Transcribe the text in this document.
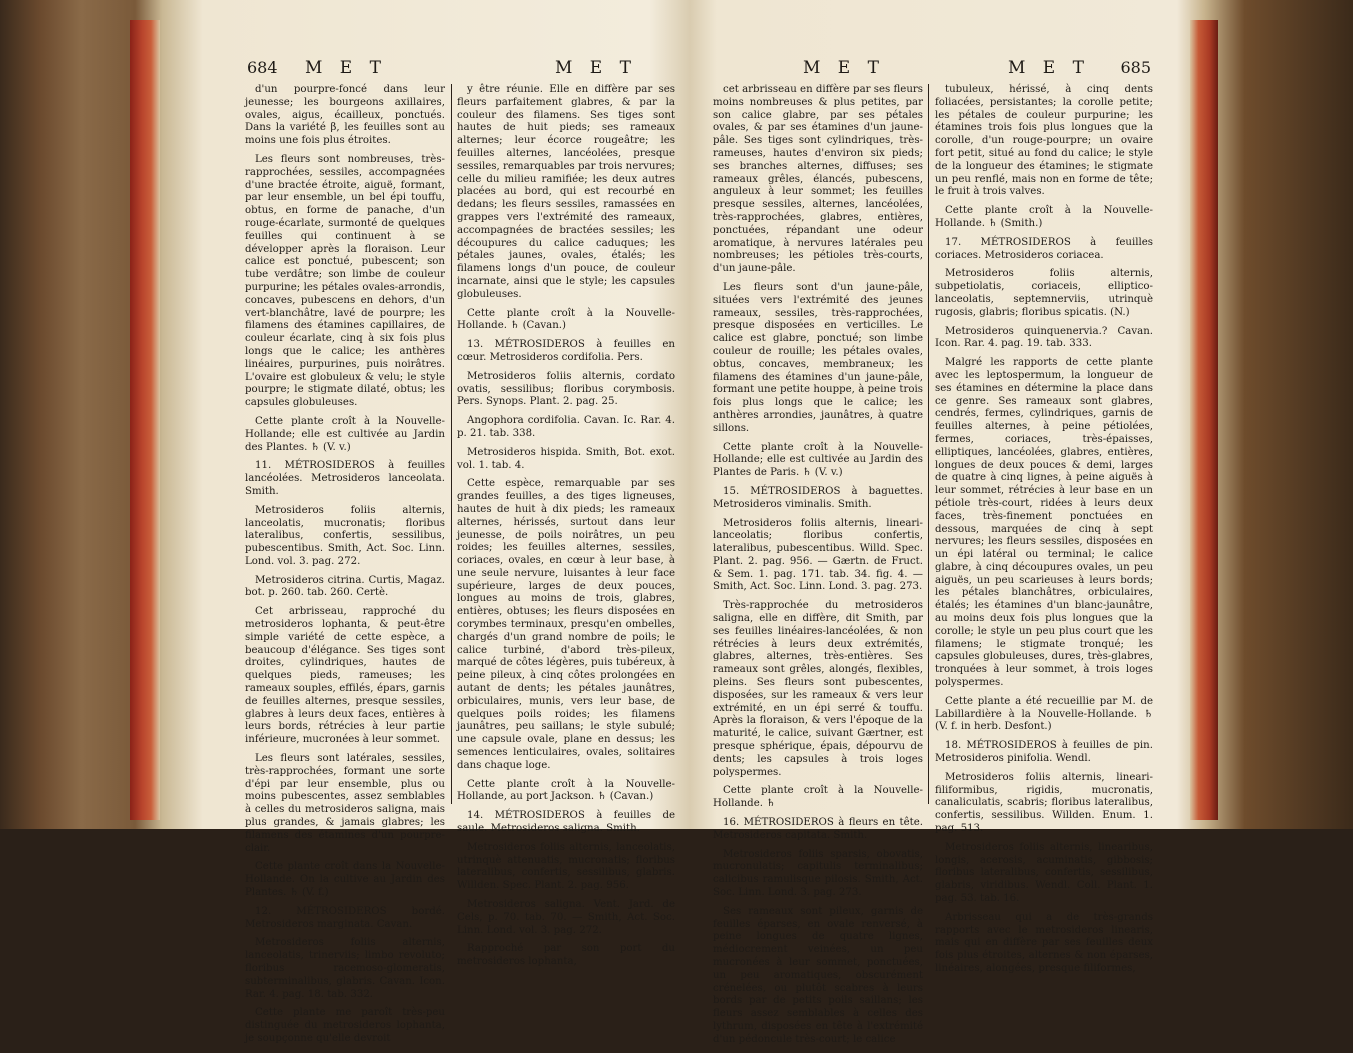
684 M E T	M E T

d'un pourpre-foncé dans leur jeunesse; les bourgeons axillaires, ovales, aigus, écailleux, ponctués. Dans la variété β, les feuilles sont au moins une fois plus étroites.

Les fleurs sont nombreuses, très-rapprochées, sessiles, accompagnées d'une bractée étroite, aiguë, formant, par leur ensemble, un bel épi touffu, obtus, en forme de panache, d'un rouge-écarlate, surmonté de quelques feuilles qui continuent à se développer après la floraison. Leur calice est ponctué, pubescent; son tube verdâtre; son limbe de couleur purpurine; les pétales ovales-arrondis, concaves, pubescens en dehors, d'un vert-blanchâtre, lavé de pourpre; les filamens des étamines capillaires, de couleur écarlate, cinq à six fois plus longs que le calice; les anthères linéaires, purpurines, puis noirâtres. L'ovaire est globuleux & velu; le style pourpre; le stigmate dilaté, obtus; les capsules globuleuses.

Cette plante croît à la Nouvelle-Hollande; elle est cultivée au Jardin des Plantes. ♄ (V. v.)

11. MÉTROSIDEROS à feuilles lancéolées. Metrosideros lanceolata. Smith.

Metrosideros foliis alternis, lanceolatis, mucronatis; floribus lateralibus, confertis, sessilibus, pubescentibus. Smith, Act. Soc. Linn. Lond. vol. 3. pag. 272.

Metrosideros citrina. Curtis, Magaz. bot. p. 260. tab. 260. Certè.

Cet arbrisseau, rapproché du metrosideros lophanta, & peut-être simple variété de cette espèce, a beaucoup d'élégance. Ses tiges sont droites, cylindriques, hautes de quelques pieds, rameuses; les rameaux souples, effilés, épars, garnis de feuilles alternes, presque sessiles, glabres à leurs deux faces, entières à leurs bords, rétrécies à leur partie inférieure, mucronées à leur sommet.

Les fleurs sont latérales, sessiles, très-rapprochées, formant une sorte d'épi par leur ensemble, plus ou moins pubescentes, assez semblables à celles du metrosideros saligna, mais plus grandes, & jamais glabres; les filamens des étamines d'un pourpre-clair.

Cette plante croît dans la Nouvelle-Hollande. On la cultive au Jardin des Plantes. ♄ (V. f.)

12. MÉTROSIDEROS bordé. Metrosideros marginata. Cavan.

Metrosideros foliis alternis, lanceolatis, trinerviis; limbo revoluto; floribus racemoso-glomeratis, subterminalibus, glabris. Cavan. Icon. Rar. 4. pag. 18. tab. 332.

Cette plante me paroît très-peu distinguée du metrosideros lophanta, je soupçonne qu'elle devroit

y être réunie. Elle en diffère par ses fleurs parfaitement glabres, & par la couleur des filamens. Ses tiges sont hautes de huit pieds; ses rameaux alternes; leur écorce rougeâtre; les feuilles alternes, lancéolées, presque sessiles, remarquables par trois nervures; celle du milieu ramifiée; les deux autres placées au bord, qui est recourbé en dedans; les fleurs sessiles, ramassées en grappes vers l'extrémité des rameaux, accompagnées de bractées sessiles; les découpures du calice caduques; les pétales jaunes, ovales, étalés; les filamens longs d'un pouce, de couleur incarnate, ainsi que le style; les capsules globuleuses.

Cette plante croît à la Nouvelle-Hollande. ♄ (Cavan.)

13. MÉTROSIDEROS à feuilles en cœur. Metrosideros cordifolia. Pers.

Metrosideros foliis alternis, cordato ovatis, sessilibus; floribus corymbosis. Pers. Synops. Plant. 2. pag. 25.

Angophora cordifolia. Cavan. Ic. Rar. 4. p. 21. tab. 338.

Metrosideros hispida. Smith, Bot. exot. vol. 1. tab. 4.

Cette espèce, remarquable par ses grandes feuilles, a des tiges ligneuses, hautes de huit à dix pieds; les rameaux alternes, hérissés, surtout dans leur jeunesse, de poils noirâtres, un peu roides; les feuilles alternes, sessiles, coriaces, ovales, en cœur à leur base, à une seule nervure, luisantes à leur face supérieure, larges de deux pouces, longues au moins de trois, glabres, entières, obtuses; les fleurs disposées en corymbes terminaux, presqu'en ombelles, chargés d'un grand nombre de poils; le calice turbiné, d'abord très-pileux, marqué de côtes légères, puis tubéreux, à peine pileux, à cinq côtes prolongées en autant de dents; les pétales jaunâtres, orbiculaires, munis, vers leur base, de quelques poils roides; les filamens jaunâtres, peu saillans; le style subulé; une capsule ovale, plane en dessus; les semences lenticulaires, ovales, solitaires dans chaque loge.

Cette plante croît à la Nouvelle-Hollande, au port Jackson. ♄ (Cavan.)

14. MÉTROSIDEROS à feuilles de saule. Metrosideros saligna. Smith.

Metrosideros foliis alternis, lanceolatis, utrinquè attenuatis, mucronatis; floribus lateralibus, confertis, sessilibus, glabris. Willden. Spec. Plant. 2. pag. 956.

Metrosideros saligna. Vent. Jard. de Cels, p. 70. tab. 70. — Smith, Act. Soc. Linn. Lond. vol. 3. pag. 272.

Rapproché par son port du metrosideros lophanta,

M E T	M E T 685

cet arbrisseau en diffère par ses fleurs moins nombreuses & plus petites, par son calice glabre, par ses pétales ovales, & par ses étamines d'un jaune-pâle. Ses tiges sont cylindriques, très-rameuses, hautes d'environ six pieds; ses branches alternes, diffuses; ses rameaux grêles, élancés, pubescens, anguleux à leur sommet; les feuilles presque sessiles, alternes, lancéolées, très-rapprochées, glabres, entières, ponctuées, répandant une odeur aromatique, à nervures latérales peu nombreuses; les pétioles très-courts, d'un jaune-pâle.

Les fleurs sont d'un jaune-pâle, situées vers l'extrémité des jeunes rameaux, sessiles, très-rapprochées, presque disposées en verticilles. Le calice est glabre, ponctué; son limbe couleur de rouille; les pétales ovales, obtus, concaves, membraneux; les filamens des étamines d'un jaune-pâle, formant une petite houppe, à peine trois fois plus longs que le calice; les anthères arrondies, jaunâtres, à quatre sillons.

Cette plante croît à la Nouvelle-Hollande; elle est cultivée au Jardin des Plantes de Paris. ♄ (V. v.)

15. MÉTROSIDEROS à baguettes. Metrosideros viminalis. Smith.

Metrosideros foliis alternis, lineari-lanceolatis; floribus confertis, lateralibus, pubescentibus. Willd. Spec. Plant. 2. pag. 956. — Gærtn. de Fruct. & Sem. 1. pag. 171. tab. 34. fig. 4. — Smith, Act. Soc. Linn. Lond. 3. pag. 273.

Très-rapprochée du metrosideros saligna, elle en diffère, dit Smith, par ses feuilles linéaires-lancéolées, & non rétrécies à leurs deux extrémités, glabres, alternes, très-entières. Ses rameaux sont grêles, alongés, flexibles, pleins. Ses fleurs sont pubescentes, disposées, sur les rameaux & vers leur extrémité, en un épi serré & touffu. Après la floraison, & vers l'époque de la maturité, le calice, suivant Gærtner, est presque sphérique, épais, dépourvu de dents; les capsules à trois loges polyspermes.

Cette plante croît à la Nouvelle-Hollande. ♄

16. MÉTROSIDEROS à fleurs en tête. Metrosideros capitata. Smith.

Metrosideros foliis sparsis, obovatis, mucronulatis; capitulis terminalibus; calicibus ramulisque pilosis. Smith, Act. Soc. Linn. Lond. 3. pag. 273.

Ses rameaux sont pileux, garnis de feuilles éparses, en ovale renversé, à peine longues de quatre lignes, médiocrement veinées, un peu mucronées à leur sommet, ponctuées, un peu aromatiques, obscurément crénelées, ou plutôt scabres à leurs bords par de petits poils saillans; les fleurs assez semblables à celles des lythrum, disposées en tête à l'extrémité d'un pédoncule très-court; le calice

tubuleux, hérissé, à cinq dents foliacées, persistantes; la corolle petite; les pétales de couleur purpurine; les étamines trois fois plus longues que la corolle, d'un rouge-pourpre; un ovaire fort petit, situé au fond du calice; le style de la longueur des étamines; le stigmate un peu renflé, mais non en forme de tête; le fruit à trois valves.

Cette plante croît à la Nouvelle-Hollande. ♄ (Smith.)

17. MÉTROSIDEROS à feuilles coriaces. Metrosideros coriacea.

Metrosideros foliis alternis, subpetiolatis, coriaceis, elliptico-lanceolatis, septemnerviis, utrinquè rugosis, glabris; floribus spicatis. (N.)

Metrosideros quinquenervia.? Cavan. Icon. Rar. 4. pag. 19. tab. 333.

Malgré les rapports de cette plante avec les leptospermum, la longueur de ses étamines en détermine la place dans ce genre. Ses rameaux sont glabres, cendrés, fermes, cylindriques, garnis de feuilles alternes, à peine pétiolées, fermes, coriaces, très-épaisses, elliptiques, lancéolées, glabres, entières, longues de deux pouces & demi, larges de quatre à cinq lignes, à peine aiguës à leur sommet, rétrécies à leur base en un pétiole très-court, ridées à leurs deux faces, très-finement ponctuées en dessous, marquées de cinq à sept nervures; les fleurs sessiles, disposées en un épi latéral ou terminal; le calice glabre, à cinq découpures ovales, un peu aiguës, un peu scarieuses à leurs bords; les pétales blanchâtres, orbiculaires, étalés; les étamines d'un blanc-jaunâtre, au moins deux fois plus longues que la corolle; le style un peu plus court que les filamens; le stigmate tronqué; les capsules globuleuses, dures, très-glabres, tronquées à leur sommet, à trois loges polyspermes.

Cette plante a été recueillie par M. de Labillardière à la Nouvelle-Hollande. ♄ (V. f. in herb. Desfont.)

18. MÉTROSIDEROS à feuilles de pin. Metrosideros pinifolia. Wendl.

Metrosideros foliis alternis, lineari-filiformibus, rigidis, mucronatis, canaliculatis, scabris; floribus lateralibus, confertis, sessilibus. Willden. Enum. 1. pag. 513.

Metrosideros foliis alternis, linearibus, longis, acerosis, acuminatis, gibbosis; floribus lateralibus, confertis, sessilibus, glabris, viridibus. Wendl. Coll. Plant. 1. pag. 53. tab. 16.

Arbrisseau qui a de très-grands rapports avec le metrosideros linearis, mais qui en diffère par ses feuilles deux fois plus étroites, alternes & non éparses, linéaires, alongées, presque filiformes,
